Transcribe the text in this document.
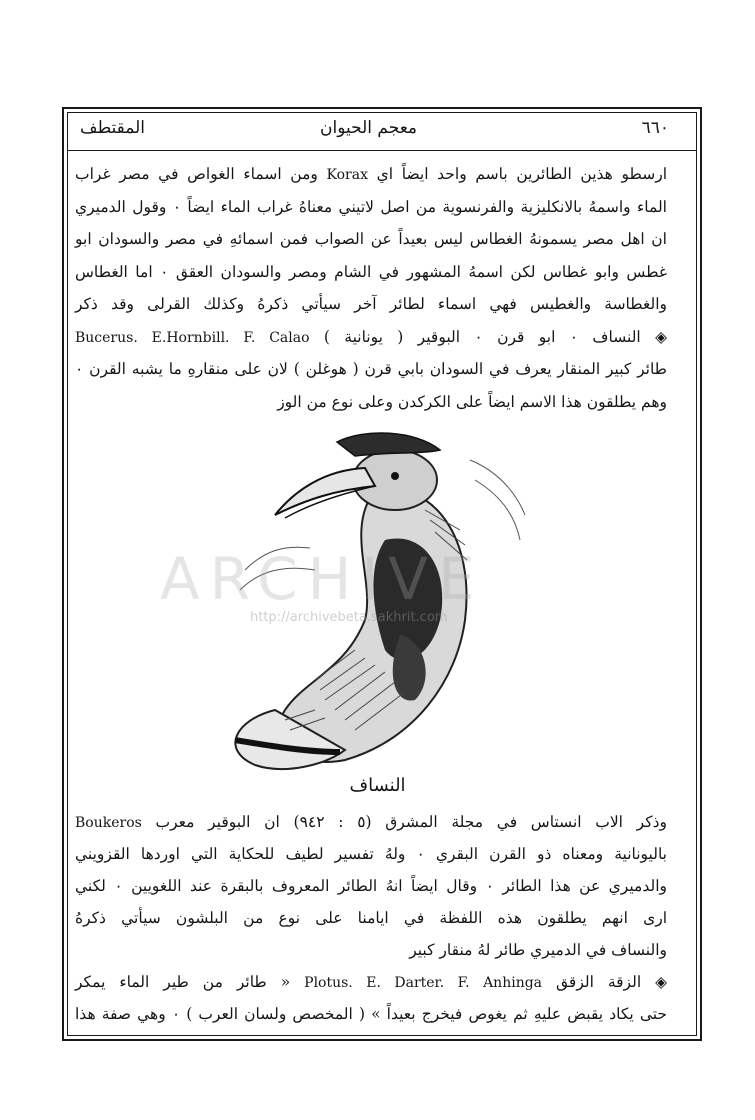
المقتطف	معجم الحيوان	٦٦٠
ارسطو هذين الطائرين باسم واحد ايضاً اي Korax ومن اسماء الغواص في مصر غراب
الماء واسمهُ بالانكليزية والفرنسوية من اصل لاتيني معناهُ غراب الماء ايضاً ٠ وقول الدميري
ان اهل مصر يسمونهُ الغطاس ليس بعيداً عن الصواب فمن اسمائهِ في مصر والسودان ابو
غطس وابو غطاس لكن اسمهُ المشهور في الشام ومصر والسودان العقق ٠ اما الغطاس
والغطاسة والغطيس فهي اسماء لطائر آخر سيأتي ذكرهُ وكذلك القرلى وقد ذكر
◈ النساف ٠ ابو قرن ٠ البوقير ( يونانية ) Bucerus. E.Hornbill. F. Calao
طائر كبير المنقار يعرف في السودان بابي قرن ( هوغلن ) لان على منقارهِ ما يشبه القرن ٠
وهم يطلقون هذا الاسم ايضاً على الكركدن وعلى نوع من الوز
ARCHIVE
http://archivebeta.sakhrit.com
النساف
وذكر الاب انستاس في مجلة المشرق (٥ : ٩٤٢) ان البوقير معرب Boukeros
باليونانية ومعناه ذو القرن البقري ٠ ولهُ تفسير لطيف للحكاية التي اوردها القزويني
والدميري عن هذا الطائر ٠ وقال ايضاً انهُ الطائر المعروف بالبقرة عند اللغويين ٠ لكني
ارى انهم يطلقون هذه اللفظة في ايامنا على نوع من البلشون سيأتي ذكرهُ
والنساف في الدميري طائر لهُ منقار كبير
◈ الزقة الزقق Plotus. E. Darter. F. Anhinga « طائر من طير الماء يمكر
حتى يكاد يقبض عليهِ ثم يغوص فيخرج بعيداً » ( المخصص ولسان العرب ) ٠ وهي صفة هذا
